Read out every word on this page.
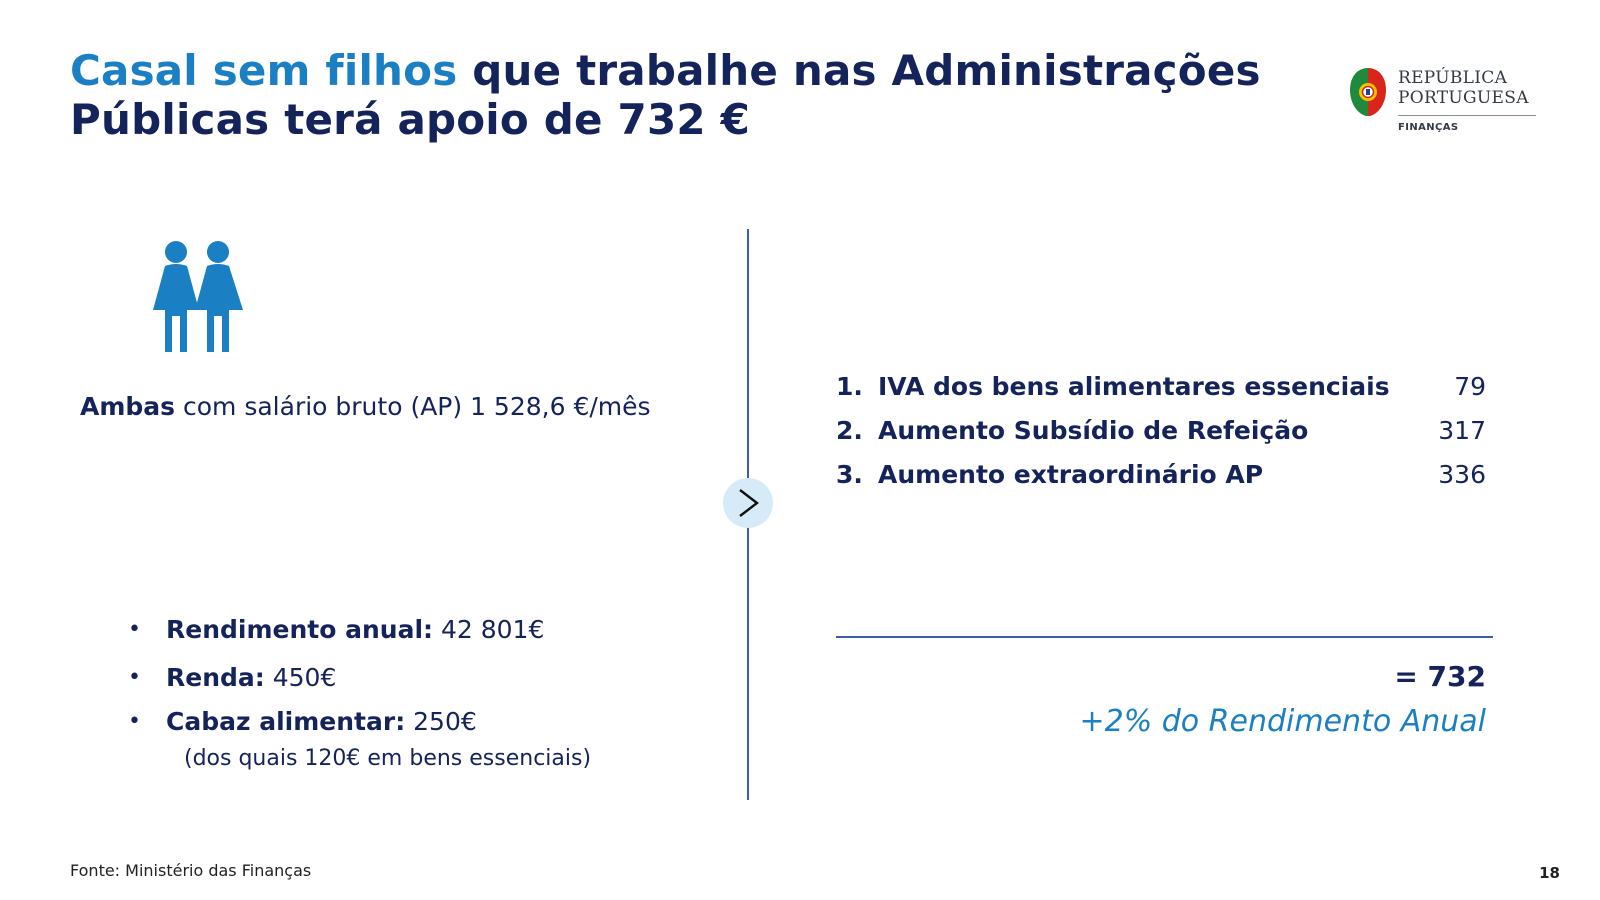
Casal sem filhos que trabalhe nas Administrações
Públicas terá apoio de 732 €
REPÚBLICA
PORTUGUESA
FINANÇAS
Ambas com salário bruto (AP) 1 528,6 €/mês
• Rendimento anual: 42 801€
• Renda: 450€
• Cabaz alimentar: 250€
(dos quais 120€ em bens essenciais)
1. IVA dos bens alimentares essenciais	79
2. Aumento Subsídio de Refeição	317
3. Aumento extraordinário AP	336
= 732
+2% do Rendimento Anual
Fonte: Ministério das Finanças	18
